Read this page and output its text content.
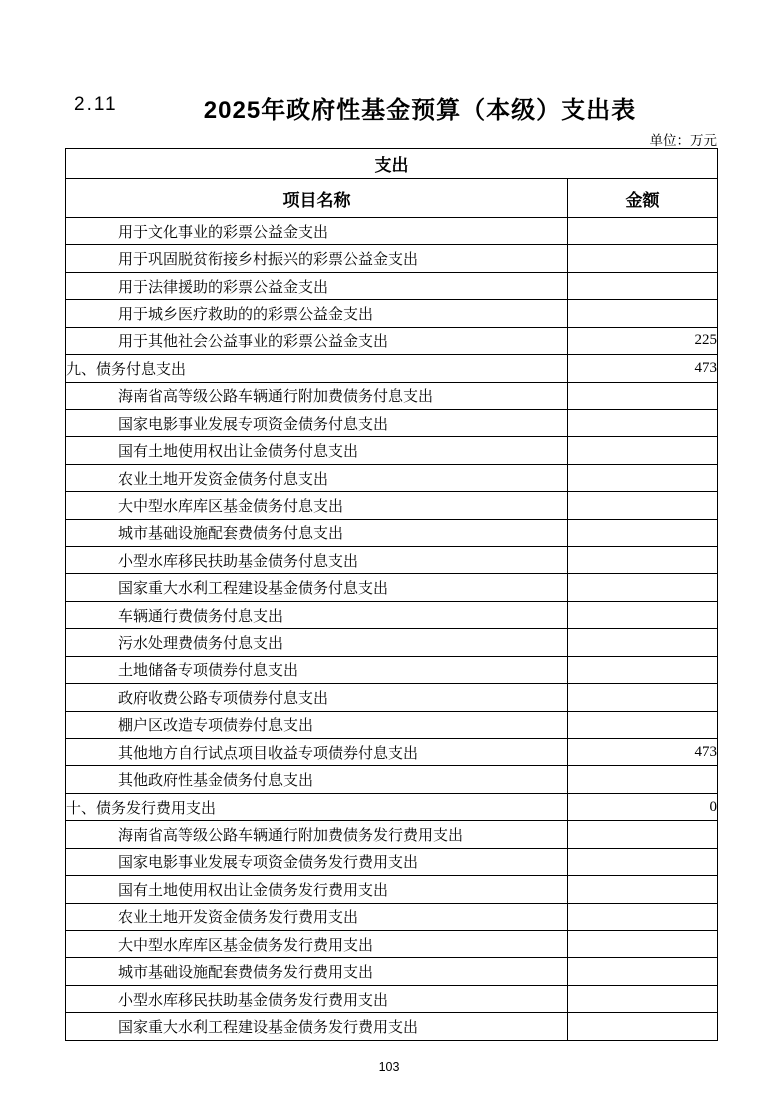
2.11	2025年政府性基金预算（本级）支出表
单位：万元
支出	
项目名称	金额
用于文化事业的彩票公益金支出	
用于巩固脱贫衔接乡村振兴的彩票公益金支出	
用于法律援助的彩票公益金支出	
用于城乡医疗救助的的彩票公益金支出	
用于其他社会公益事业的彩票公益金支出	225
九、债务付息支出	473
海南省高等级公路车辆通行附加费债务付息支出	
国家电影事业发展专项资金债务付息支出	
国有土地使用权出让金债务付息支出	
农业土地开发资金债务付息支出	
大中型水库库区基金债务付息支出	
城市基础设施配套费债务付息支出	
小型水库移民扶助基金债务付息支出	
国家重大水利工程建设基金债务付息支出	
车辆通行费债务付息支出	
污水处理费债务付息支出	
土地储备专项债券付息支出	
政府收费公路专项债券付息支出	
棚户区改造专项债券付息支出	
其他地方自行试点项目收益专项债券付息支出	473
其他政府性基金债务付息支出	
十、债务发行费用支出	0
海南省高等级公路车辆通行附加费债务发行费用支出	
国家电影事业发展专项资金债务发行费用支出	
国有土地使用权出让金债务发行费用支出	
农业土地开发资金债务发行费用支出	
大中型水库库区基金债务发行费用支出	
城市基础设施配套费债务发行费用支出	
小型水库移民扶助基金债务发行费用支出	
国家重大水利工程建设基金债务发行费用支出	
103
